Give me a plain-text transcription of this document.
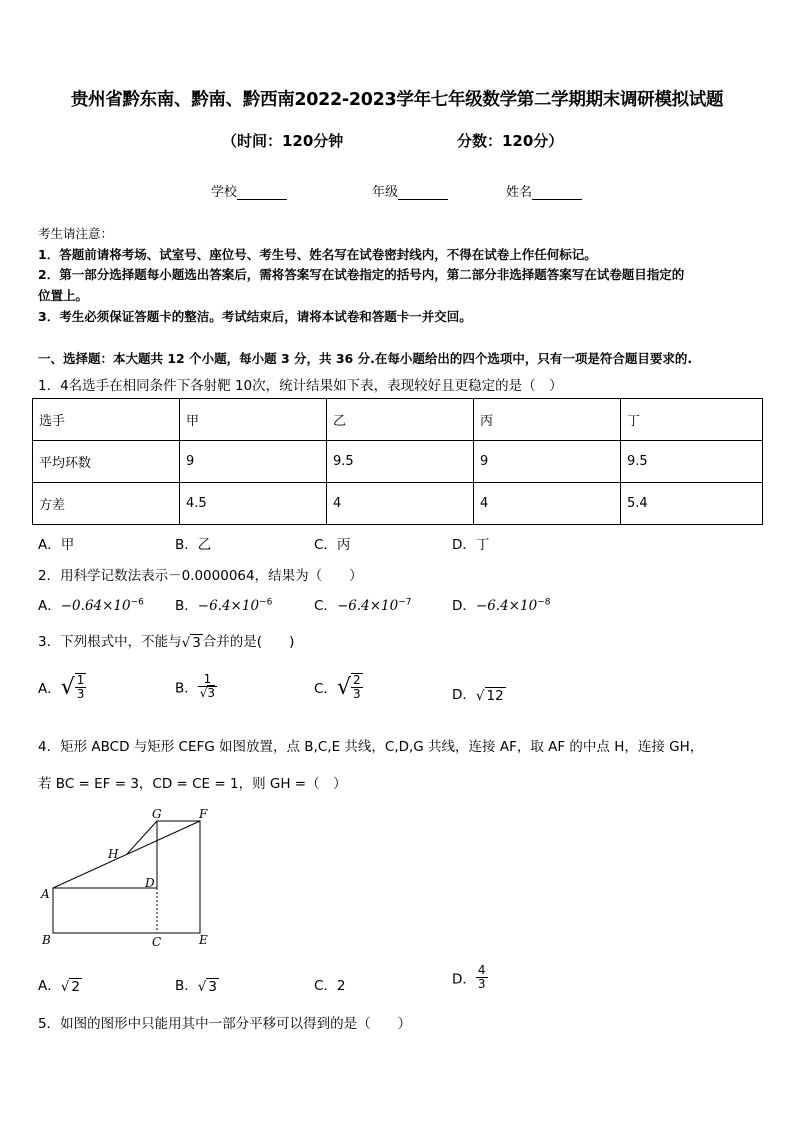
贵州省黔东南、黔南、黔西南2022-2023学年七年级数学第二学期期末调研模拟试题
（时间：120分钟	分数：120分）
学校	年级	姓名
考生请注意：
1．答题前请将考场、试室号、座位号、考生号、姓名写在试卷密封线内，不得在试卷上作任何标记。
2．第一部分选择题每小题选出答案后，需将答案写在试卷指定的括号内，第二部分非选择题答案写在试卷题目指定的
位置上。
3．考生必须保证答题卡的整洁。考试结束后，请将本试卷和答题卡一并交回。
一、选择题：本大题共 12 个小题，每小题 3 分，共 36 分.在每小题给出的四个选项中，只有一项是符合题目要求的.
1．4名选手在相同条件下各射靶 10次，统计结果如下表，表现较好且更稳定的是（　）
选手	甲	乙	丙	丁
平均环数	9	9.5	9	9.5
方差	4.5	4	4	5.4
A．甲	B．乙	C．丙	D．丁
2．用科学记数法表示－0.0000064，结果为（　　）
A．$-0.64\times 10^{-6}$ B．$-6.4\times 10^{-6}$	C．$-6.4\times 10^{-7}$	D．$-6.4\times 10^{-8}$
3．下列根式中，不能与√ 3 合并的是(　　)
A．√ $\frac{1}{3}$	B． $\frac{1}{√3}$	C．√ $\frac{2}{3}$	D．√ 12
4．矩形 ABCD 与矩形 CEFG 如图放置，点 B,C,E 共线，C,D,G 共线，连接 AF，取 AF 的中点 H，连接 GH，
若 BC = EF = 3，CD = CE = 1，则 GH =（　）
G	F
H
D
A
B	C	E
A．√ 2	B．√ 3	C．2	D． $\frac{4}{3}$
5．如图的图形中只能用其中一部分平移可以得到的是（　　）
